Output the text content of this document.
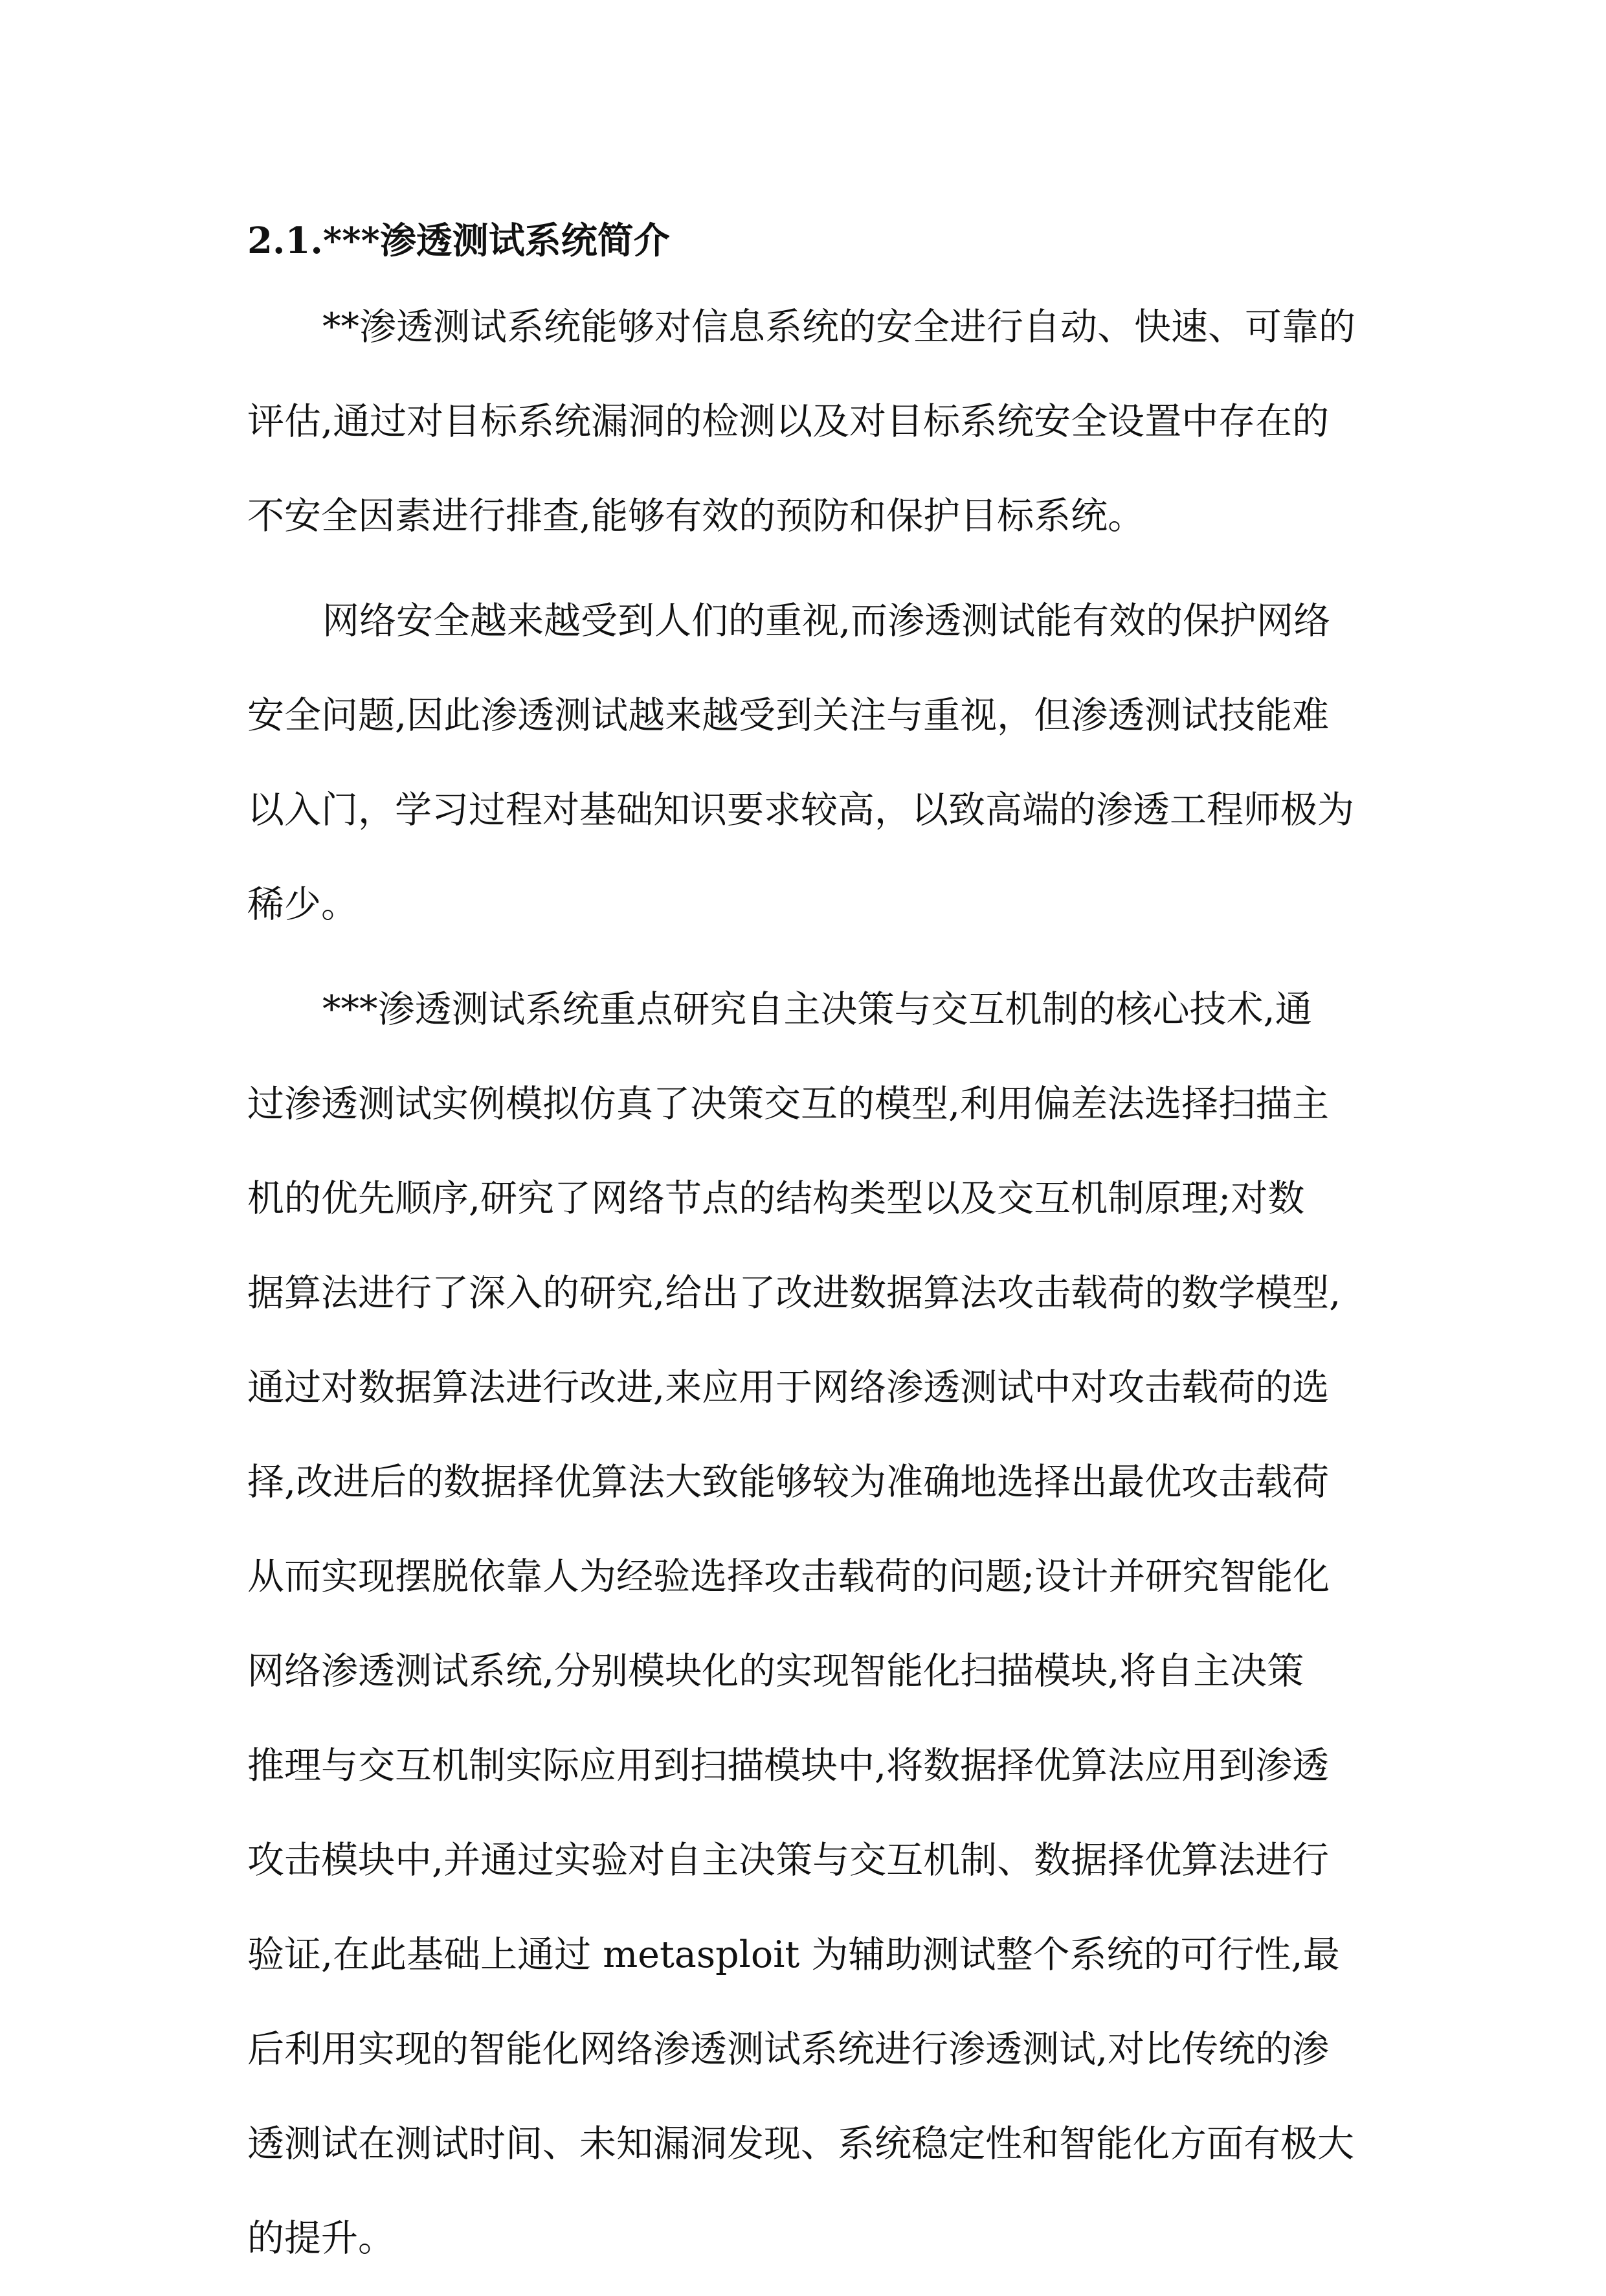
2.1.***渗透测试系统简介
**渗透测试系统能够对信息系统的安全进行自动、快速、可靠的
评估,通过对目标系统漏洞的检测以及对目标系统安全设置中存在的
不安全因素进行排查,能够有效的预防和保护目标系统。
网络安全越来越受到人们的重视,而渗透测试能有效的保护网络
安全问题,因此渗透测试越来越受到关注与重视，但渗透测试技能难
以入门，学习过程对基础知识要求较高，以致高端的渗透工程师极为
稀少。
***渗透测试系统重点研究自主决策与交互机制的核心技术,通
过渗透测试实例模拟仿真了决策交互的模型,利用偏差法选择扫描主
机的优先顺序,研究了网络节点的结构类型以及交互机制原理;对数
据算法进行了深入的研究,给出了改进数据算法攻击载荷的数学模型,
通过对数据算法进行改进,来应用于网络渗透测试中对攻击载荷的选
择,改进后的数据择优算法大致能够较为准确地选择出最优攻击载荷
从而实现摆脱依靠人为经验选择攻击载荷的问题;设计并研究智能化
网络渗透测试系统,分别模块化的实现智能化扫描模块,将自主决策
推理与交互机制实际应用到扫描模块中,将数据择优算法应用到渗透
攻击模块中,并通过实验对自主决策与交互机制、数据择优算法进行
验证,在此基础上通过 metasploit 为辅助测试整个系统的可行性,最
后利用实现的智能化网络渗透测试系统进行渗透测试,对比传统的渗
透测试在测试时间、未知漏洞发现、系统稳定性和智能化方面有极大
的提升。
